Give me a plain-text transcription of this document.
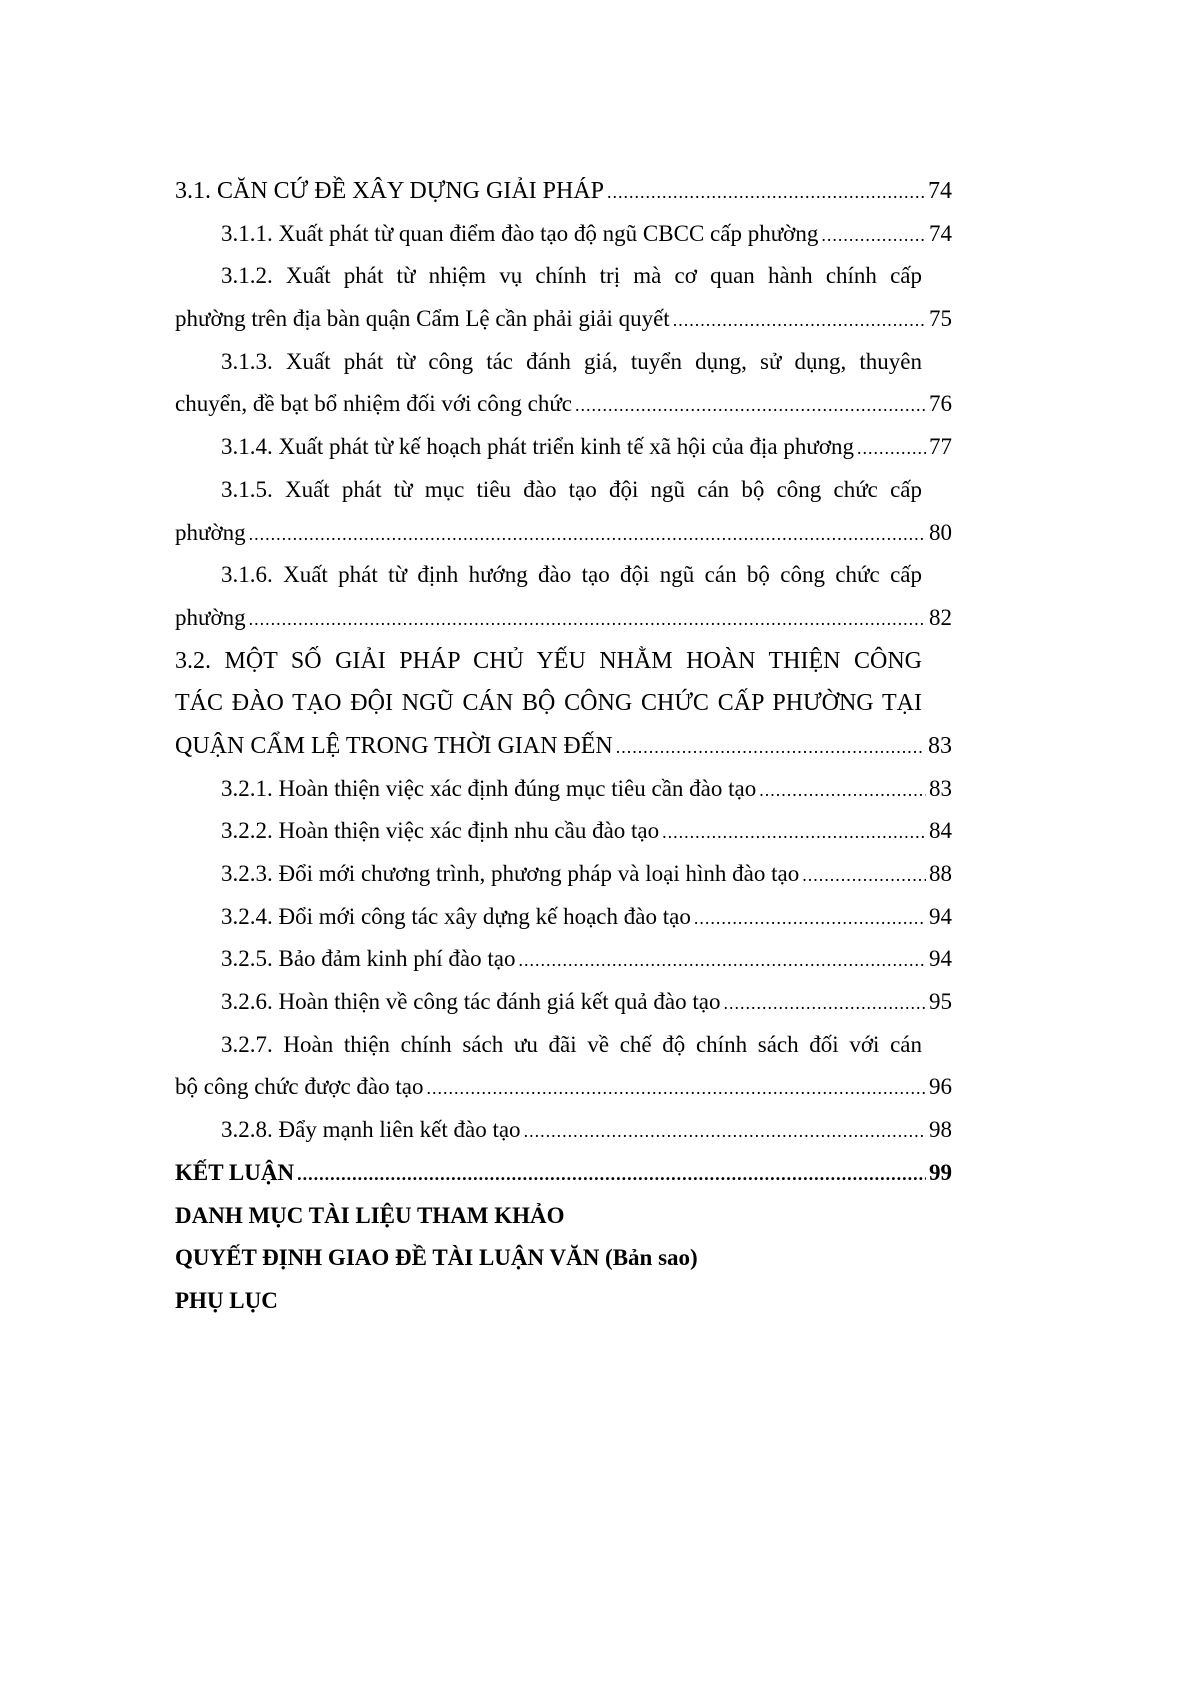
3.1. CĂN CỨ ĐỀ XÂY DỰNG GIẢI PHÁP .....	74
3.1.1. Xuất phát từ quan điểm đào tạo độ ngũ CBCC cấp phường .....	74
3.1.2. Xuất phát từ nhiệm vụ chính trị mà cơ quan hành chính cấp
phường trên địa bàn quận Cẩm Lệ cần phải giải quyết .....	75
3.1.3. Xuất phát từ công tác đánh giá, tuyển dụng, sử dụng, thuyên
chuyển, đề bạt bổ nhiệm đối với công chức .....	76
3.1.4. Xuất phát từ kế hoạch phát triển kinh tế xã hội của địa phương .....	77
3.1.5. Xuất phát từ mục tiêu đào tạo đội ngũ cán bộ công chức cấp
phường .....	80
3.1.6. Xuất phát từ định hướng đào tạo đội ngũ cán bộ công chức cấp
phường .....	82
3.2. MỘT SỐ GIẢI PHÁP CHỦ YẾU NHẰM HOÀN THIỆN CÔNG
TÁC ĐÀO TẠO ĐỘI NGŨ CÁN BỘ CÔNG CHỨC CẤP PHƯỜNG TẠI
QUẬN CẨM LỆ TRONG THỜI GIAN ĐẾN .....	83
3.2.1. Hoàn thiện việc xác định đúng mục tiêu cần đào tạo .....	83
3.2.2. Hoàn thiện việc xác định nhu cầu đào tạo .....	84
3.2.3. Đổi mới chương trình, phương pháp và loại hình đào tạo .....	88
3.2.4. Đổi mới công tác xây dựng kế hoạch đào tạo .....	94
3.2.5. Bảo đảm kinh phí đào tạo .....	94
3.2.6. Hoàn thiện về công tác đánh giá kết quả đào tạo .....	95
3.2.7. Hoàn thiện chính sách ưu đãi về chế độ chính sách đối với cán
bộ công chức được đào tạo .....	96
3.2.8. Đẩy mạnh liên kết đào tạo .....	98
KẾT LUẬN .....	99
DANH MỤC TÀI LIỆU THAM KHẢO
QUYẾT ĐỊNH GIAO ĐỀ TÀI LUẬN VĂN (Bản sao)
PHỤ LỤC
